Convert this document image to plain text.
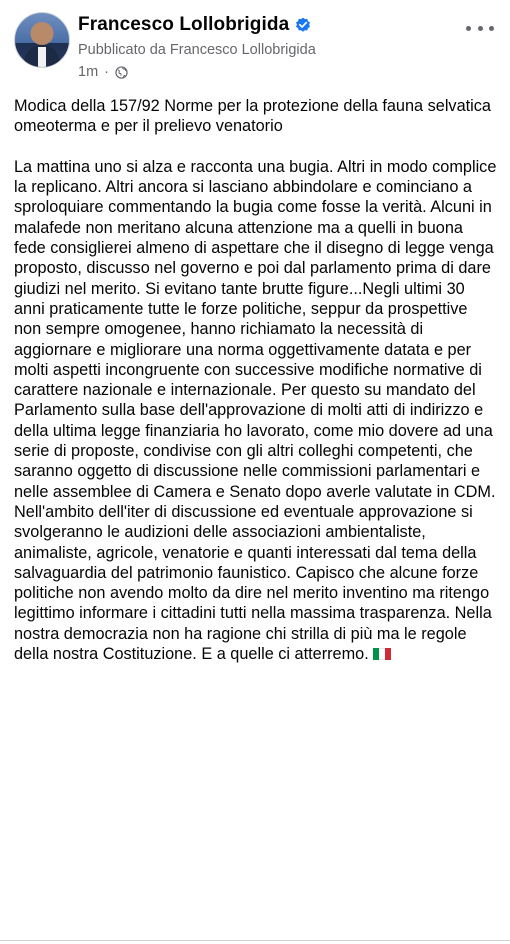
Francesco Lollobrigida
Pubblicato da Francesco Lollobrigida
1m ·

Modica della 157/92 Norme per la protezione della fauna selvatica omeoterma e per il prelievo venatorio

La mattina uno si alza e racconta una bugia. Altri in modo complice la replicano. Altri ancora si lasciano abbindolare e cominciano a sproloquiare commentando la bugia come fosse la verità. Alcuni in malafede non meritano alcuna attenzione ma a quelli in buona fede consiglierei almeno di aspettare che il disegno di legge venga proposto, discusso nel governo e poi dal parlamento prima di dare giudizi nel merito. Si evitano tante brutte figure...Negli ultimi 30 anni praticamente tutte le forze politiche, seppur da prospettive non sempre omogenee, hanno richiamato la necessità di aggiornare e migliorare una norma oggettivamente datata e per molti aspetti incongruente con successive modifiche normative di carattere nazionale e internazionale. Per questo su mandato del Parlamento sulla base dell'approvazione di molti atti di indirizzo e della ultima legge finanziaria ho lavorato, come mio dovere ad una serie di proposte, condivise con gli altri colleghi competenti, che saranno oggetto di discussione nelle commissioni parlamentari e nelle assemblee di Camera e Senato dopo averle valutate in CDM. Nell'ambito dell'iter di discussione ed eventuale approvazione si svolgeranno le audizioni delle associazioni ambientaliste, animaliste, agricole, venatorie e quanti interessati dal tema della salvaguardia del patrimonio faunistico. Capisco che alcune forze politiche non avendo molto da dire nel merito inventino ma ritengo legittimo informare i cittadini tutti nella massima trasparenza. Nella nostra democrazia non ha ragione chi strilla di più ma le regole della nostra Costituzione. E a quelle ci atterremo.
